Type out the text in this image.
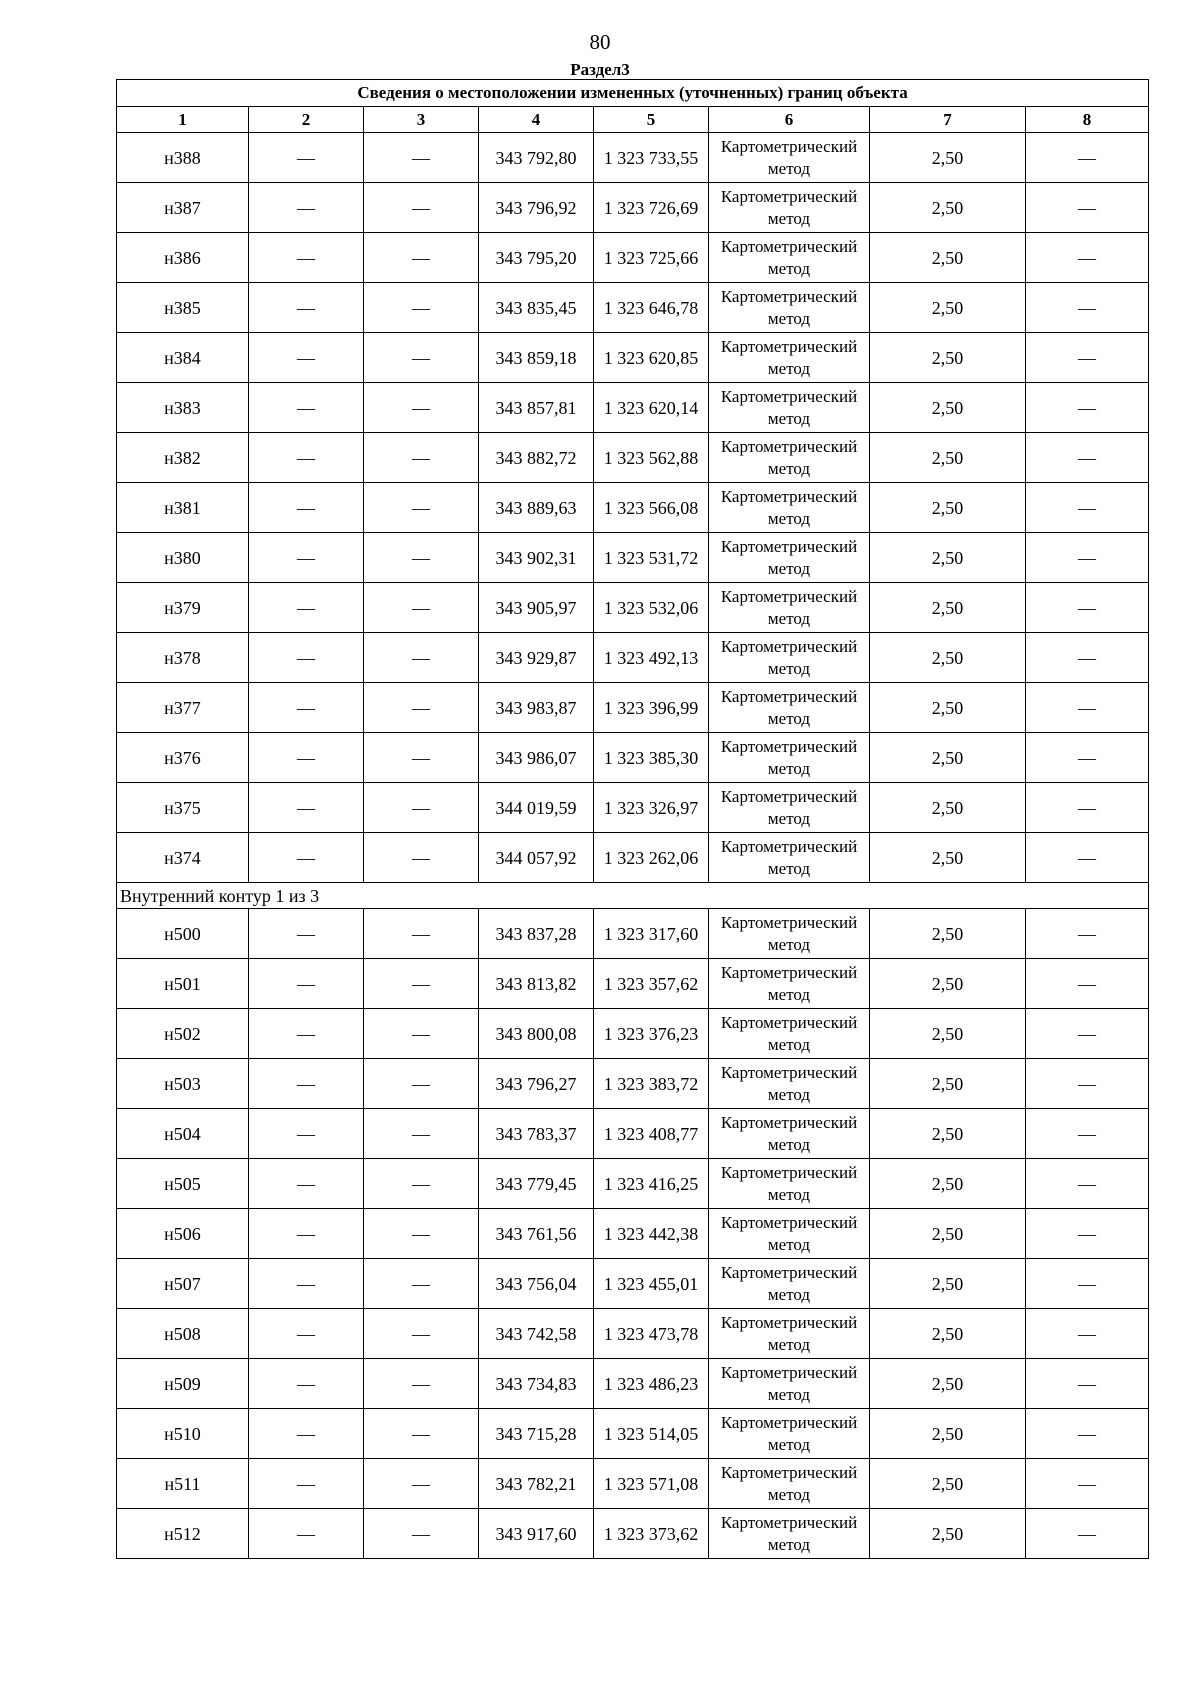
80
Раздел3
Сведения о местоположении измененных (уточненных) границ объекта							
1	2	3	4	5	6	7	8
н388	—	—	343 792,80	1 323 733,55	Картометрический метод	2,50	—
н387	—	—	343 796,92	1 323 726,69	Картометрический метод	2,50	—
н386	—	—	343 795,20	1 323 725,66	Картометрический метод	2,50	—
н385	—	—	343 835,45	1 323 646,78	Картометрический метод	2,50	—
н384	—	—	343 859,18	1 323 620,85	Картометрический метод	2,50	—
н383	—	—	343 857,81	1 323 620,14	Картометрический метод	2,50	—
н382	—	—	343 882,72	1 323 562,88	Картометрический метод	2,50	—
н381	—	—	343 889,63	1 323 566,08	Картометрический метод	2,50	—
н380	—	—	343 902,31	1 323 531,72	Картометрический метод	2,50	—
н379	—	—	343 905,97	1 323 532,06	Картометрический метод	2,50	—
н378	—	—	343 929,87	1 323 492,13	Картометрический метод	2,50	—
н377	—	—	343 983,87	1 323 396,99	Картометрический метод	2,50	—
н376	—	—	343 986,07	1 323 385,30	Картометрический метод	2,50	—
н375	—	—	344 019,59	1 323 326,97	Картометрический метод	2,50	—
н374	—	—	344 057,92	1 323 262,06	Картометрический метод	2,50	—
Внутренний контур 1 из 3							
н500	—	—	343 837,28	1 323 317,60	Картометрический метод	2,50	—
н501	—	—	343 813,82	1 323 357,62	Картометрический метод	2,50	—
н502	—	—	343 800,08	1 323 376,23	Картометрический метод	2,50	—
н503	—	—	343 796,27	1 323 383,72	Картометрический метод	2,50	—
н504	—	—	343 783,37	1 323 408,77	Картометрический метод	2,50	—
н505	—	—	343 779,45	1 323 416,25	Картометрический метод	2,50	—
н506	—	—	343 761,56	1 323 442,38	Картометрический метод	2,50	—
н507	—	—	343 756,04	1 323 455,01	Картометрический метод	2,50	—
н508	—	—	343 742,58	1 323 473,78	Картометрический метод	2,50	—
н509	—	—	343 734,83	1 323 486,23	Картометрический метод	2,50	—
н510	—	—	343 715,28	1 323 514,05	Картометрический метод	2,50	—
н511	—	—	343 782,21	1 323 571,08	Картометрический метод	2,50	—
н512	—	—	343 917,60	1 323 373,62	Картометрический метод	2,50	—
